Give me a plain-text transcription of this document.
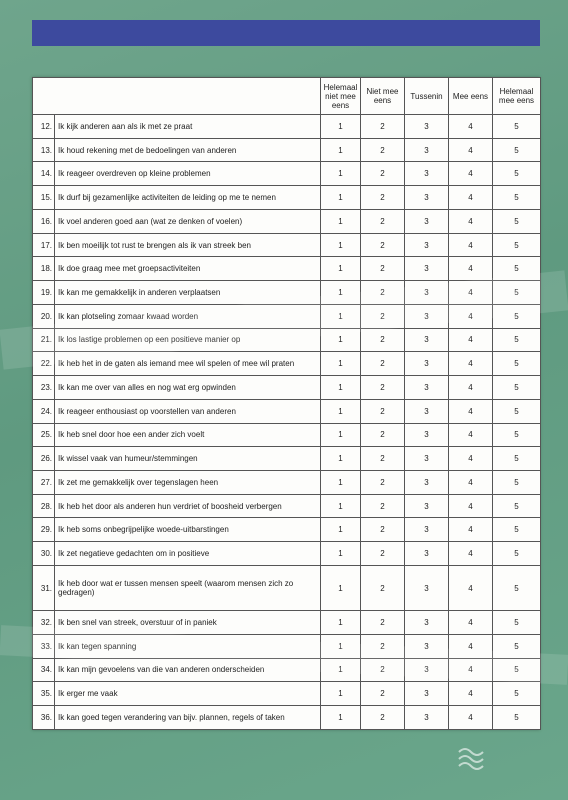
		Helemaal niet mee eens	Niet mee eens	Tussenin	Mee eens	Helemaal mee eens
12.	Ik kijk anderen aan als ik met ze praat	1	2	3	4	5
13.	Ik houd rekening met de bedoelingen van anderen	1	2	3	4	5
14.	Ik reageer overdreven op kleine problemen	1	2	3	4	5
15.	Ik durf bij gezamenlijke activiteiten de leiding op me te nemen	1	2	3	4	5
16.	Ik voel anderen goed aan (wat ze denken of voelen)	1	2	3	4	5
17.	Ik ben moeilijk tot rust te brengen als ik van streek ben	1	2	3	4	5
18.	Ik doe graag mee met groepsactiviteiten	1	2	3	4	5
19.	Ik kan me gemakkelijk in anderen verplaatsen	1	2	3	4	5
20.	Ik kan plotseling zomaar kwaad worden	1	2	3	4	5
21.	Ik los lastige problemen op een positieve manier op	1	2	3	4	5
22.	Ik heb het in de gaten als iemand mee wil spelen of mee wil praten	1	2	3	4	5
23.	Ik kan me over van alles en nog wat erg opwinden	1	2	3	4	5
24.	Ik reageer enthousiast op voorstellen van anderen	1	2	3	4	5
25.	Ik heb snel door hoe een ander zich voelt	1	2	3	4	5
26.	Ik wissel vaak van humeur/stemmingen	1	2	3	4	5
27.	Ik zet me gemakkelijk over tegenslagen heen	1	2	3	4	5
28.	Ik heb het door als anderen hun verdriet of boosheid verbergen	1	2	3	4	5
29.	Ik heb soms onbegrijpelijke woede-uitbarstingen	1	2	3	4	5
30.	Ik zet negatieve gedachten om in positieve	1	2	3	4	5
31.	Ik heb door wat er tussen mensen speelt (waarom mensen zich zo gedragen)	1	2	3	4	5
32.	Ik ben snel van streek, overstuur of in paniek	1	2	3	4	5
33.	Ik kan tegen spanning	1	2	3	4	5
34.	Ik kan mijn gevoelens van die van anderen onderscheiden	1	2	3	4	5
35.	Ik erger me vaak	1	2	3	4	5
36.	Ik kan goed tegen verandering van bijv. plannen, regels of taken	1	2	3	4	5
